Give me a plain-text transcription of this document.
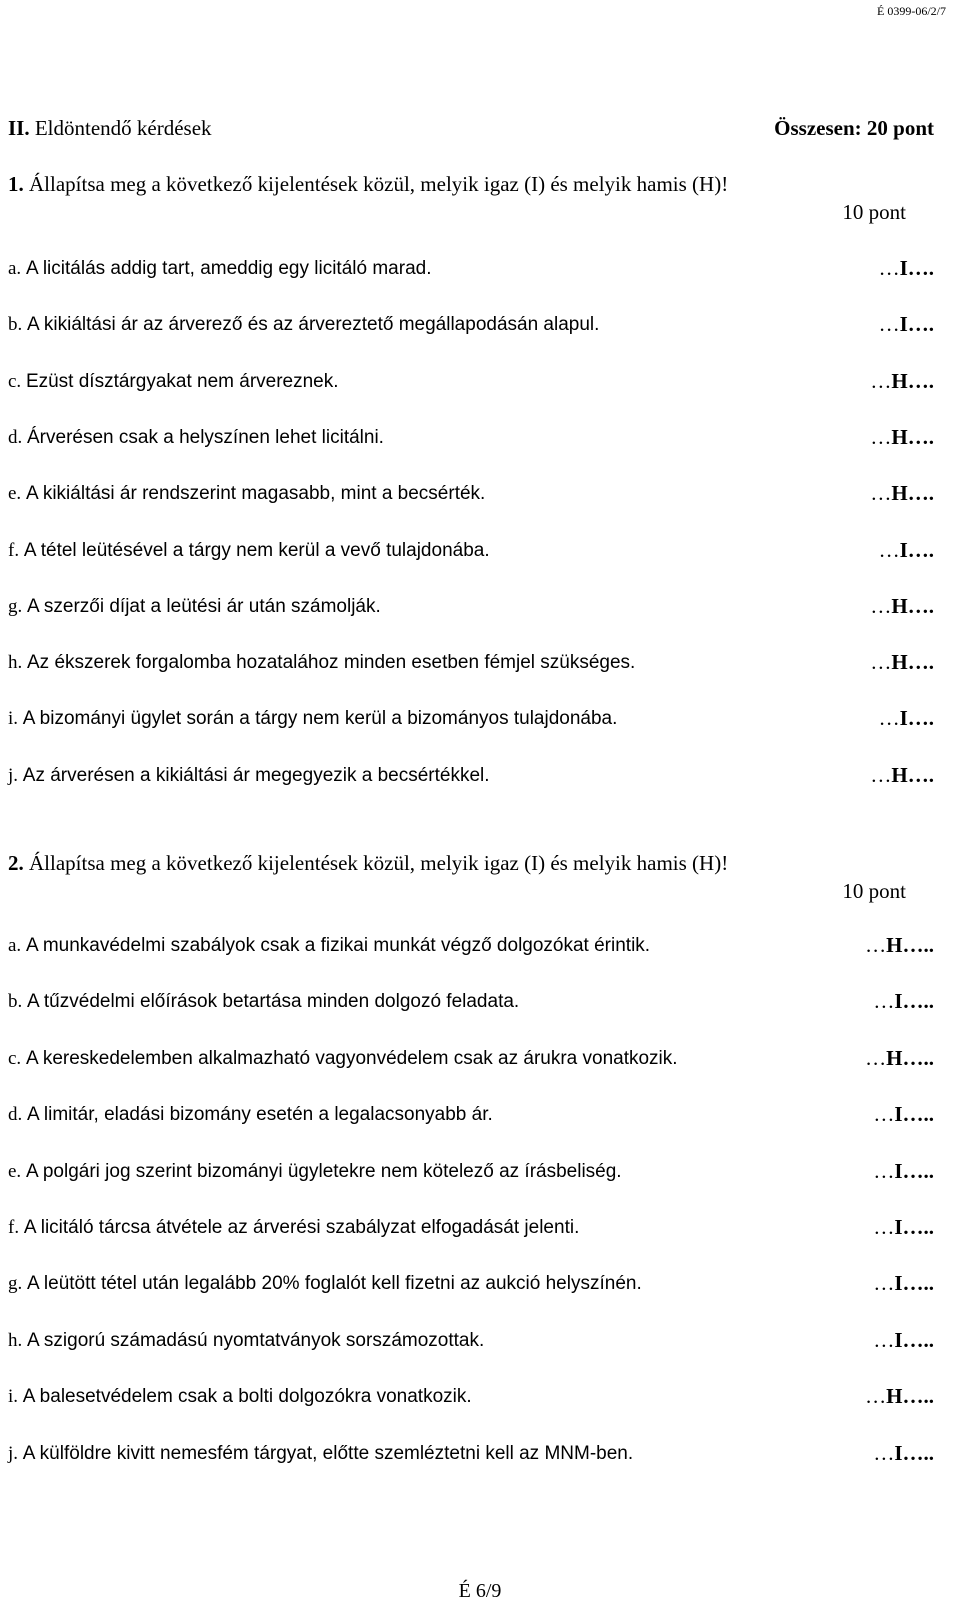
É 0399-06/2/7
II. Eldöntendő kérdések	Összesen: 20 pont
1. Állapítsa meg a következő kijelentések közül, melyik igaz (I) és melyik hamis (H)!
10 pont
a. A licitálás addig tart, ameddig egy licitáló marad.	…I….
b. A kikiáltási ár az árverező és az árvereztető megállapodásán alapul.	…I….
c. Ezüst dísztárgyakat nem árvereznek.	…H….
d. Árverésen csak a helyszínen lehet licitálni.	…H….
e. A kikiáltási ár rendszerint magasabb, mint a becsérték.	…H….
f. A tétel leütésével a tárgy nem kerül a vevő tulajdonába.	…I….
g. A szerzői díjat a leütési ár után számolják.	…H….
h. Az ékszerek forgalomba hozatalához minden esetben fémjel szükséges.	…H….
i. A bizományi ügylet során a tárgy nem kerül a bizományos tulajdonába.	…I….
j. Az árverésen a kikiáltási ár megegyezik a becsértékkel.	…H….
2. Állapítsa meg a következő kijelentések közül, melyik igaz (I) és melyik hamis (H)!
10 pont
a. A munkavédelmi szabályok csak a fizikai munkát végző dolgozókat érintik.	…H…..
b. A tűzvédelmi előírások betartása minden dolgozó feladata.	…I…..
c. A kereskedelemben alkalmazható vagyonvédelem csak az árukra vonatkozik.	…H…..
d. A limitár, eladási bizomány esetén a legalacsonyabb ár.	…I…..
e. A polgári jog szerint bizományi ügyletekre nem kötelező az írásbeliség.	…I…..
f. A licitáló tárcsa átvétele az árverési szabályzat elfogadását jelenti.	…I…..
g. A leütött tétel után legalább 20% foglalót kell fizetni az aukció helyszínén.	…I…..
h. A szigorú számadású nyomtatványok sorszámozottak.	…I…..
i. A balesetvédelem csak a bolti dolgozókra vonatkozik.	…H…..
j. A külföldre kivitt nemesfém tárgyat, előtte szemléztetni kell az MNM-ben.	…I…..
É 6/9
